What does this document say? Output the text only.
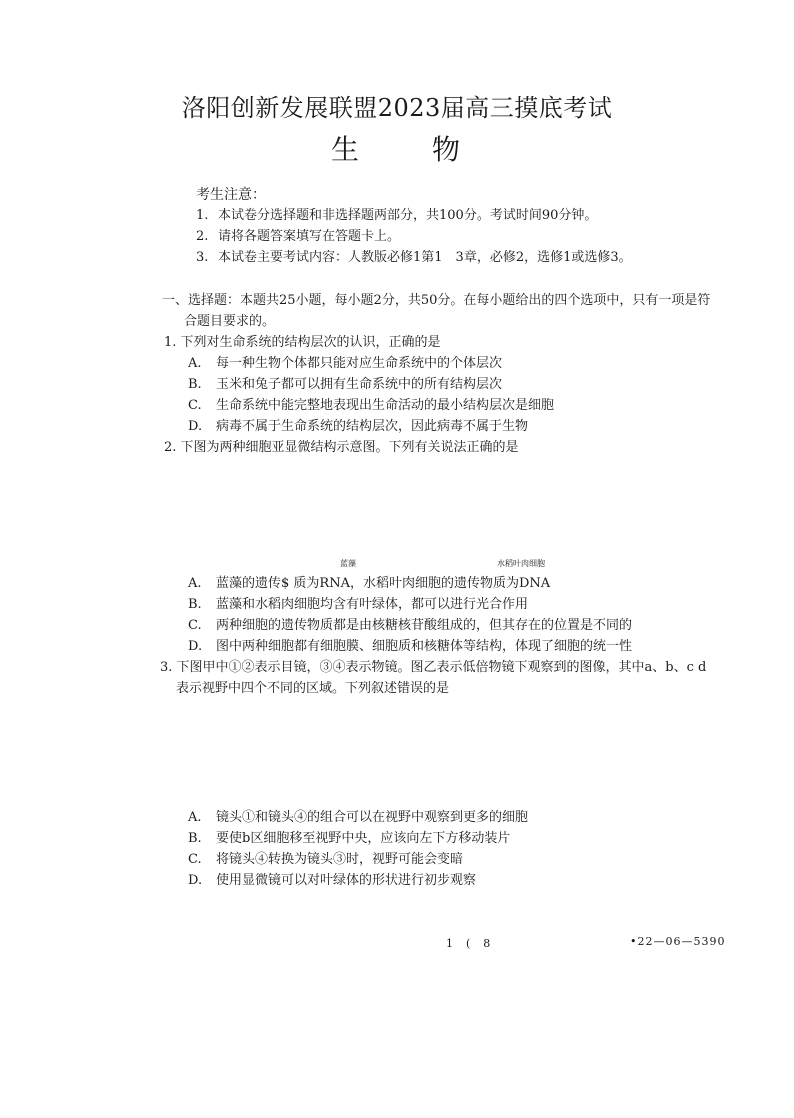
洛阳创新发展联盟2023届高三摸底考试
生	物
考生注意：
1. 本试卷分选择题和非选择题两部分，共100分。考试时间90分钟。
2. 请将各题答案填写在答题卡上。
3. 本试卷主要考试内容：人教版必修1第1　3章，必修2，选修1或选修3。
一、选择题：本题共25小题，每小题2分，共50分。在每小题给出的四个选项中，只有一项是符
合题目要求的。
1. 下列对生命系统的结构层次的认识，正确的是
A. 每一种生物个体都只能对应生命系统中的个体层次
B. 玉米和兔子都可以拥有生命系统中的所有结构层次
C. 生命系统中能完整地表现出生命活动的最小结构层次是细胞
D. 病毒不属于生命系统的结构层次，因此病毒不属于生物
2. 下图为两种细胞亚显微结构示意图。下列有关说法正确的是
蓝藻	水稻叶肉细胞
A. 蓝藻的遗传$ 质为RNA，水稻叶肉细胞的遗传物质为DNA
B. 蓝藻和水稻肉细胞均含有叶绿体，都可以进行光合作用
C. 两种细胞的遗传物质都是由核糖核苷酸组成的，但其存在的位置是不同的
D. 图中两种细胞都有细胞膜、细胞质和核糖体等结构，体现了细胞的统一性
3. 下图甲中①②表示目镜，③④表示物镜。图乙表示低倍物镜下观察到的图像，其中a、b、c d
表示视野中四个不同的区域。下列叙述错误的是
A. 镜头①和镜头④的组合可以在视野中观察到更多的细胞
B. 要使b区细胞移至视野中央，应该向左下方移动装片
C. 将镜头④转换为镜头③时，视野可能会变暗
D. 使用显微镜可以对叶绿体的形状进行初步观察
1　(　8	•22—06—5390
